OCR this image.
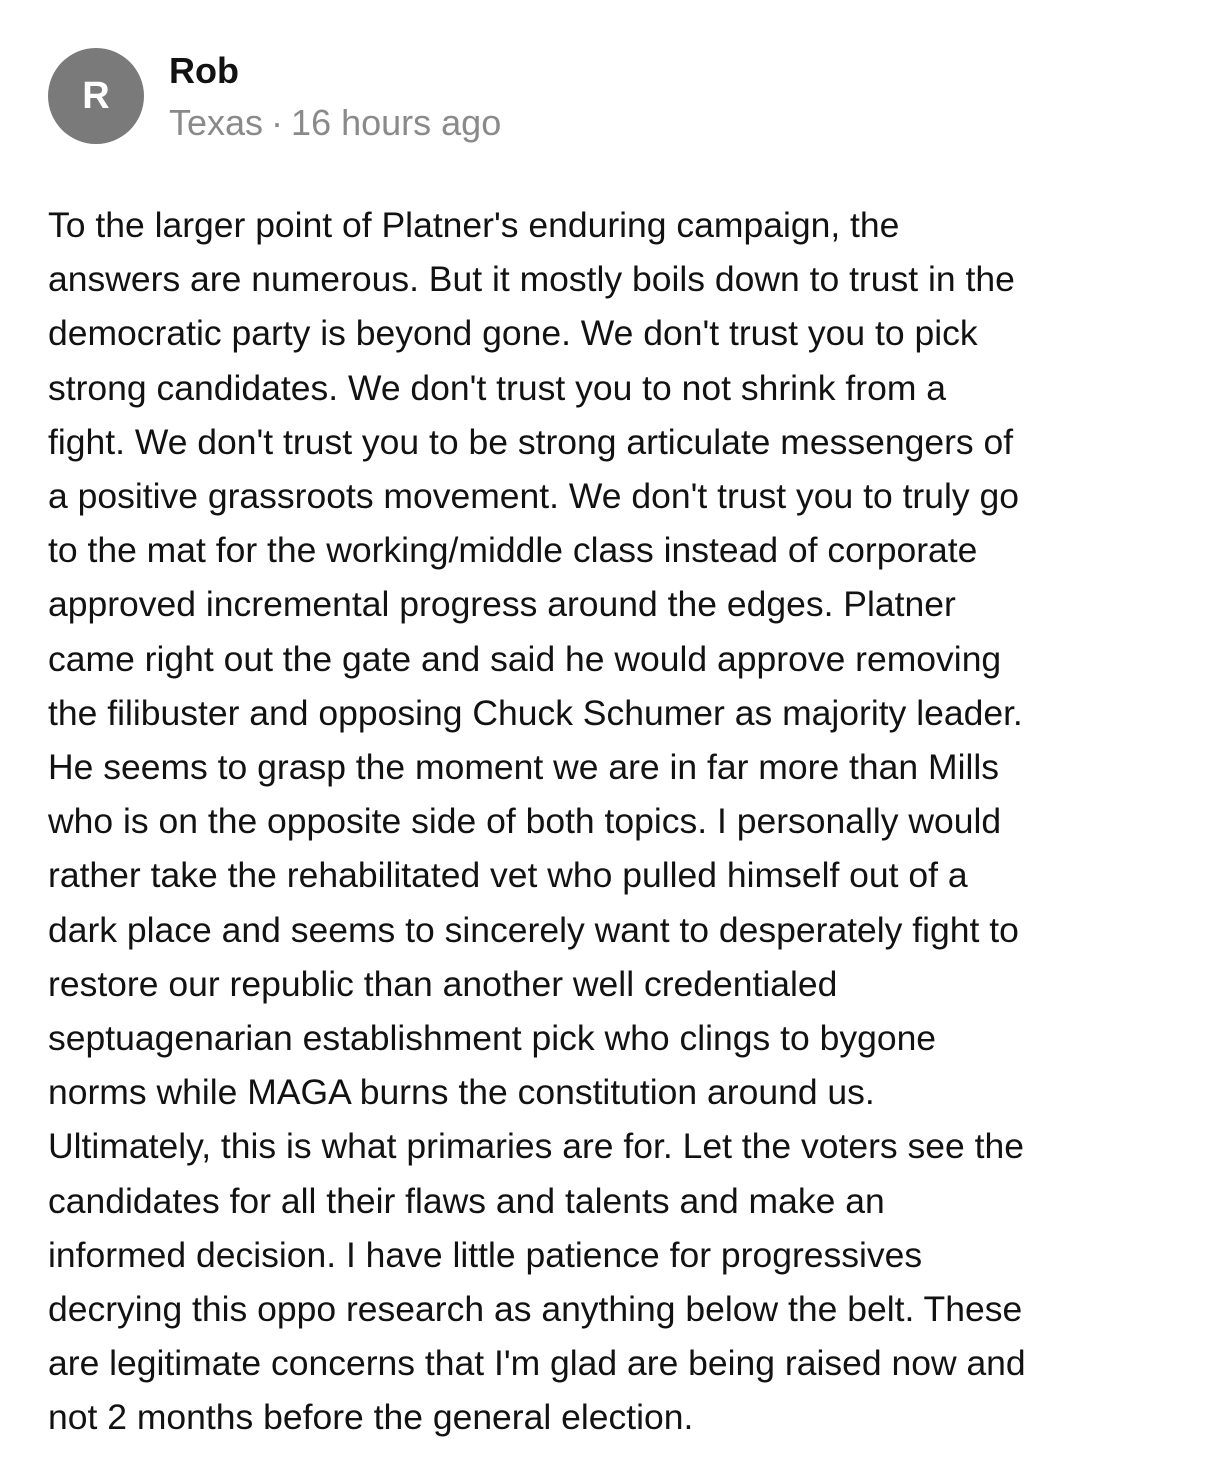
R
Rob
Texas · 16 hours ago
To the larger point of Platner's enduring campaign, the
answers are numerous. But it mostly boils down to trust in the
democratic party is beyond gone. We don't trust you to pick
strong candidates. We don't trust you to not shrink from a
fight. We don't trust you to be strong articulate messengers of
a positive grassroots movement. We don't trust you to truly go
to the mat for the working/middle class instead of corporate
approved incremental progress around the edges. Platner
came right out the gate and said he would approve removing
the filibuster and opposing Chuck Schumer as majority leader.
He seems to grasp the moment we are in far more than Mills
who is on the opposite side of both topics. I personally would
rather take the rehabilitated vet who pulled himself out of a
dark place and seems to sincerely want to desperately fight to
restore our republic than another well credentialed
septuagenarian establishment pick who clings to bygone
norms while MAGA burns the constitution around us.
Ultimately, this is what primaries are for. Let the voters see the
candidates for all their flaws and talents and make an
informed decision. I have little patience for progressives
decrying this oppo research as anything below the belt. These
are legitimate concerns that I'm glad are being raised now and
not 2 months before the general election.
